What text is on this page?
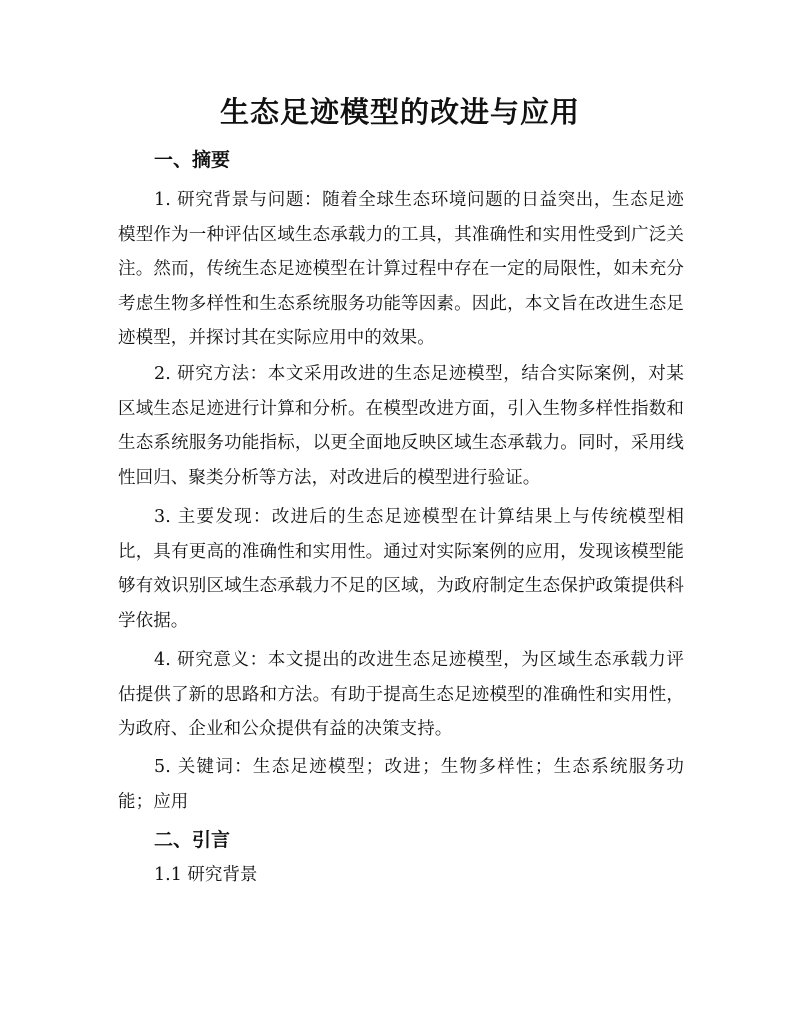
生态足迹模型的改进与应用
一、摘要

1. 研究背景与问题：随着全球生态环境问题的日益突出，生态足迹模型作为一种评估区域生态承载力的工具，其准确性和实用性受到广泛关注。然而，传统生态足迹模型在计算过程中存在一定的局限性，如未充分考虑生物多样性和生态系统服务功能等因素。因此，本文旨在改进生态足迹模型，并探讨其在实际应用中的效果。

2. 研究方法：本文采用改进的生态足迹模型，结合实际案例，对某区域生态足迹进行计算和分析。在模型改进方面，引入生物多样性指数和生态系统服务功能指标，以更全面地反映区域生态承载力。同时，采用线性回归、聚类分析等方法，对改进后的模型进行验证。

3. 主要发现：改进后的生态足迹模型在计算结果上与传统模型相比，具有更高的准确性和实用性。通过对实际案例的应用，发现该模型能够有效识别区域生态承载力不足的区域，为政府制定生态保护政策提供科学依据。

4. 研究意义：本文提出的改进生态足迹模型，为区域生态承载力评估提供了新的思路和方法。有助于提高生态足迹模型的准确性和实用性，为政府、企业和公众提供有益的决策支持。

5. 关键词：生态足迹模型；改进；生物多样性；生态系统服务功能；应用

二、引言

1.1 研究背景
